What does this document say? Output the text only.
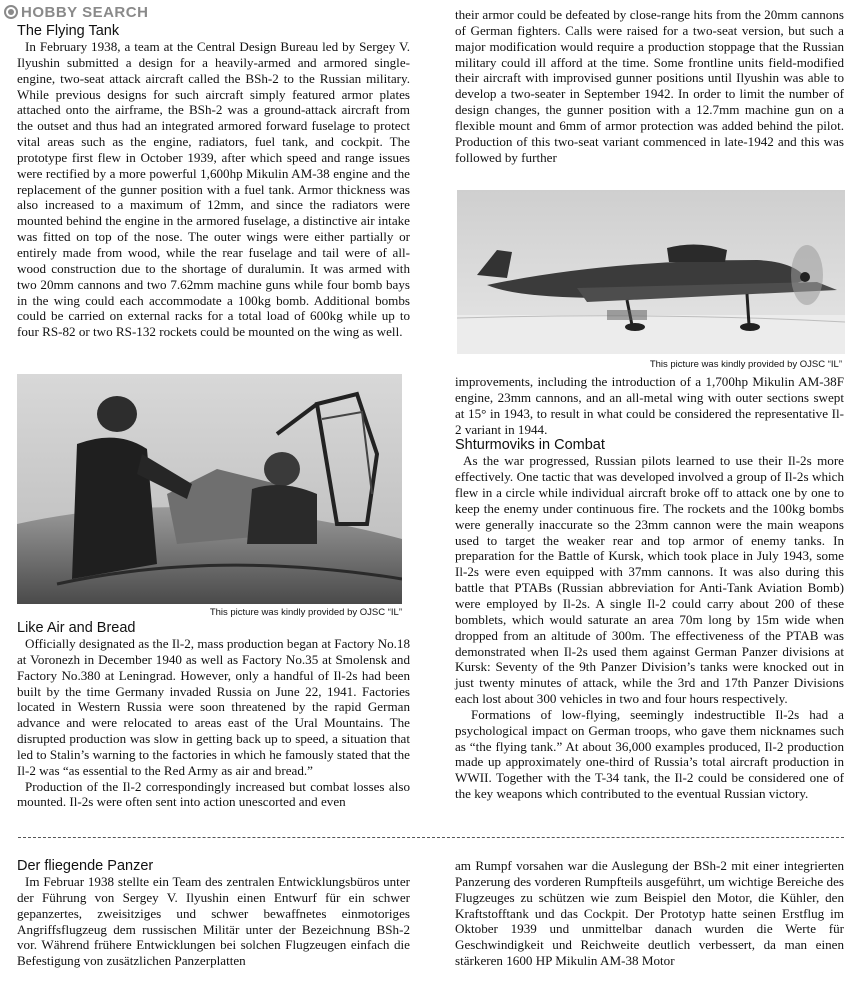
HOBBY SEARCH
The Flying Tank

In February 1938, a team at the Central Design Bureau led by Sergey V. Ilyushin submitted a design for a heavily-armed and armored single-engine, two-seat attack aircraft called the BSh-2 to the Russian military. While previous designs for such aircraft simply featured armor plates attached onto the airframe, the BSh-2 was a ground-attack aircraft from the outset and thus had an integrated armored forward fuselage to protect vital areas such as the engine, radiators, fuel tank, and cockpit. The prototype first flew in October 1939, after which speed and range issues were rectified by a more powerful 1,600hp Mikulin AM-38 engine and the replacement of the gunner position with a fuel tank. Armor thickness was also increased to a maximum of 12mm, and since the radiators were mounted behind the engine in the armored fuselage, a distinctive air intake was fitted on top of the nose. The outer wings were either partially or entirely made from wood, while the rear fuselage and tail were of all-wood construction due to the shortage of duralumin. It was armed with two 20mm cannons and two 7.62mm machine guns while four bomb bays in the wing could each accommodate a 100kg bomb. Additional bombs could be carried on external racks for a total load of 600kg while up to four RS-82 or two RS-132 rockets could be mounted on the wing as well.

This picture was kindly provided by OJSC “IL”
Like Air and Bread

Officially designated as the Il-2, mass production began at Factory No.18 at Voronezh in December 1940 as well as Factory No.35 at Smolensk and Factory No.380 at Leningrad. However, only a handful of Il-2s had been built by the time Germany invaded Russia on June 22, 1941. Factories located in Western Russia were soon threatened by the rapid German advance and were relocated to areas east of the Ural Mountains. The disrupted production was slow in getting back up to speed, a situation that led to Stalin’s warning to the factories in which he famously stated that the Il-2 was “as essential to the Red Army as air and bread.”

Production of the Il-2 correspondingly increased but combat losses also mounted. Il-2s were often sent into action unescorted and even

their armor could be defeated by close-range hits from the 20mm cannons of German fighters. Calls were raised for a two-seat version, but such a major modification would require a production stoppage that the Russian military could ill afford at the time. Some frontline units field-modified their aircraft with improvised gunner positions until Ilyushin was able to develop a two-seater in September 1942. In order to limit the number of design changes, the gunner position with a 12.7mm machine gun on a flexible mount and 6mm of armor protection was added behind the pilot. Production of this two-seat variant commenced in late-1942 and this was followed by further

This picture was kindly provided by OJSC “IL”

improvements, including the introduction of a 1,700hp Mikulin AM-38F engine, 23mm cannons, and an all-metal wing with outer sections swept at 15° in 1943, to result in what could be considered the representative Il-2 variant in 1944.

Shturmoviks in Combat

As the war progressed, Russian pilots learned to use their Il-2s more effectively. One tactic that was developed involved a group of Il-2s which flew in a circle while individual aircraft broke off to attack one by one to keep the enemy under continuous fire. The rockets and the 100kg bombs were generally inaccurate so the 23mm cannon were the main weapons used to target the weaker rear and top armor of enemy tanks. In preparation for the Battle of Kursk, which took place in July 1943, some Il-2s were even equipped with 37mm cannons. It was also during this battle that PTABs (Russian abbreviation for Anti-Tank Aviation Bomb) were employed by Il-2s. A single Il-2 could carry about 200 of these bomblets, which would saturate an area 70m long by 15m wide when dropped from an altitude of 300m. The effectiveness of the PTAB was demonstrated when Il-2s used them against German Panzer divisions at Kursk: Seventy of the 9th Panzer Division’s tanks were knocked out in just twenty minutes of attack, while the 3rd and 17th Panzer Divisions each lost about 300 vehicles in two and four hours respectively.

Formations of low-flying, seemingly indestructible Il-2s had a psychological impact on German troops, who gave them nicknames such as “the flying tank.” At about 36,000 examples produced, Il-2 production made up approximately one-third of Russia’s total aircraft production in WWII. Together with the T-34 tank, the Il-2 could be considered one of the key weapons which contributed to the eventual Russian victory.

Der fliegende Panzer

Im Februar 1938 stellte ein Team des zentralen Entwicklungsbüros unter der Führung von Sergey V. Ilyushin einen Entwurf für ein schwer gepanzertes, zweisitziges und schwer bewaffnetes einmotoriges Angriffsflugzeug dem russischen Militär unter der Bezeichnung BSh-2 vor. Während frühere Entwicklungen bei solchen Flugzeugen einfach die Befestigung von zusätzlichen Panzerplatten

am Rumpf vorsahen war die Auslegung der BSh-2 mit einer integrierten Panzerung des vorderen Rumpfteils ausgeführt, um wichtige Bereiche des Flugzeuges zu schützen wie zum Beispiel den Motor, die Kühler, den Kraftstofftank und das Cockpit. Der Prototyp hatte seinen Erstflug im Oktober 1939 und unmittelbar danach wurden die Werte für Geschwindigkeit und Reichweite deutlich verbessert, da man einen stärkeren 1600 HP Mikulin AM-38 Motor
